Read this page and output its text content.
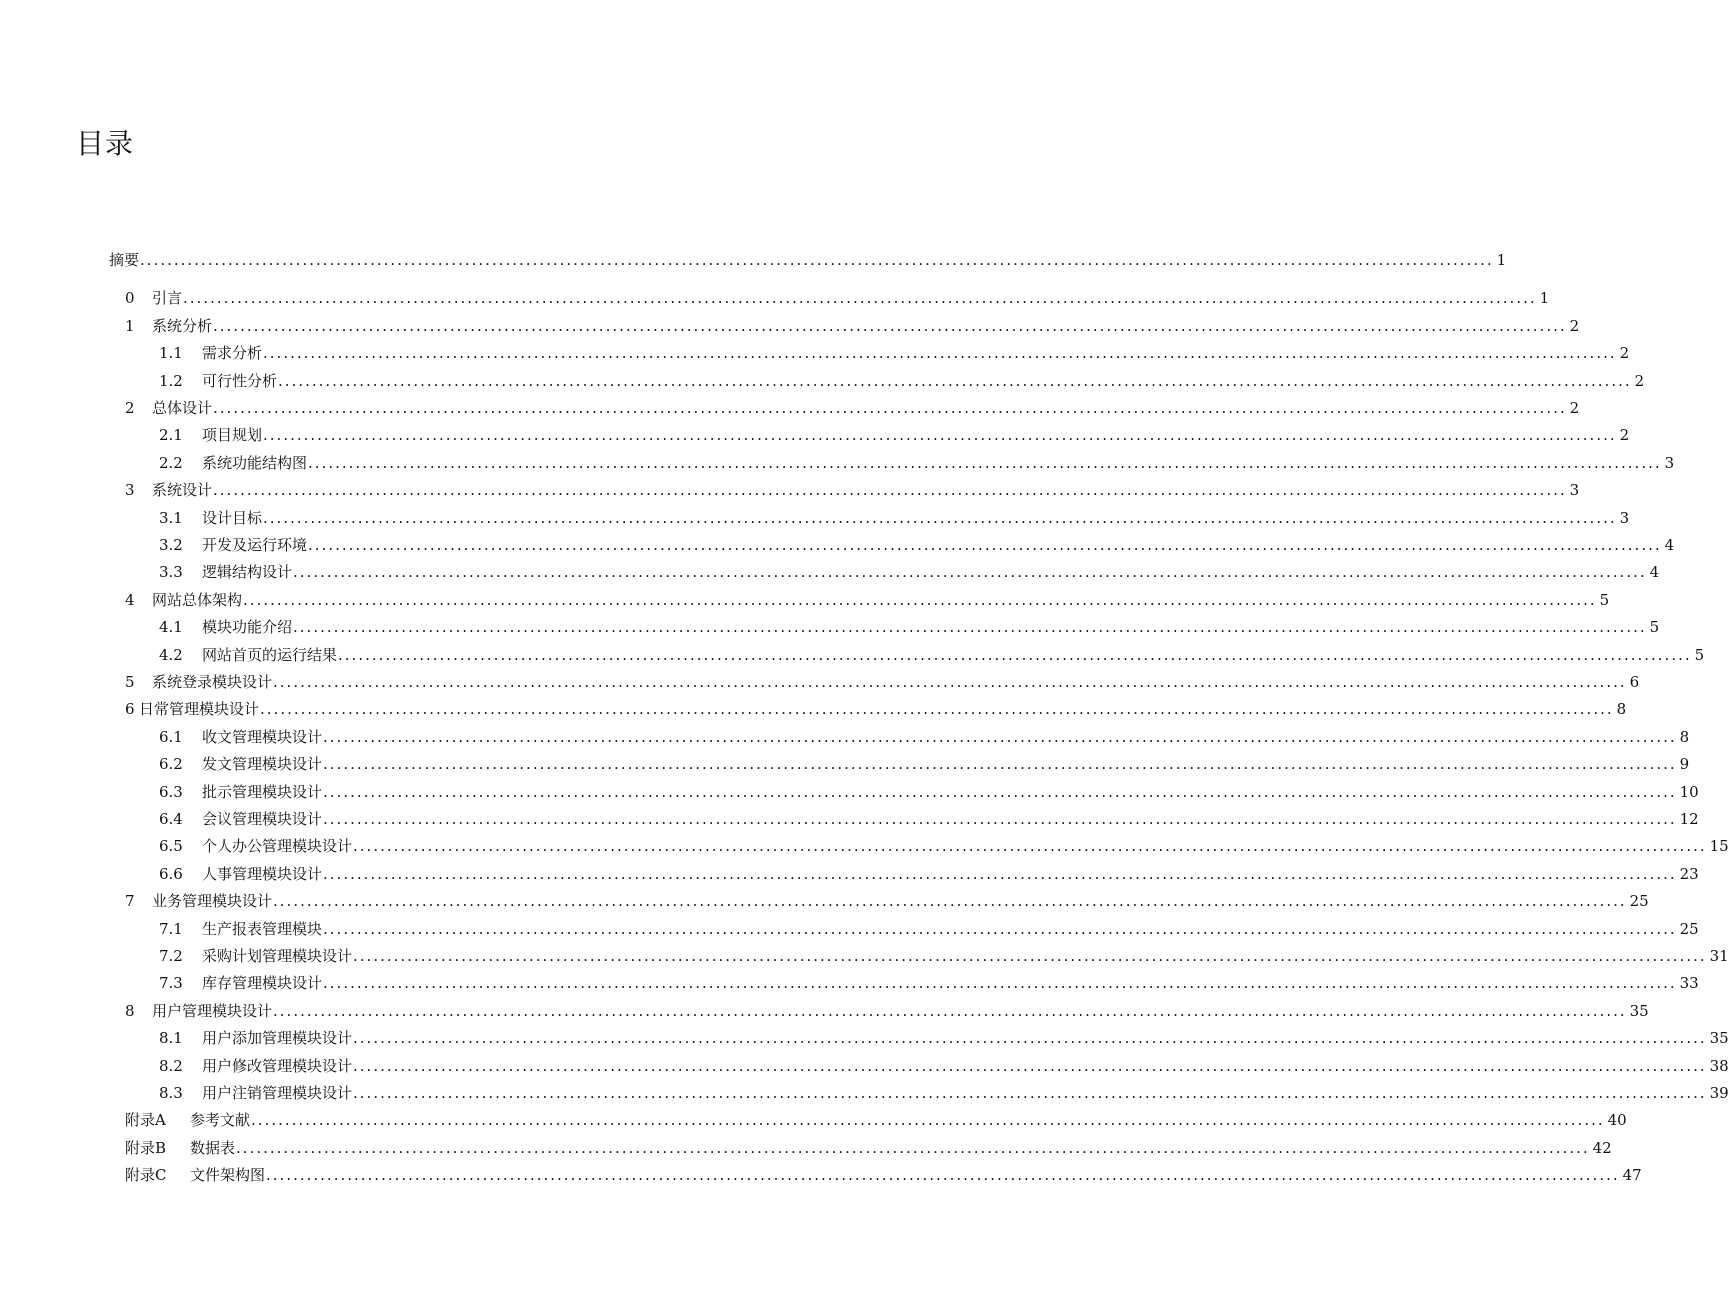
目录
摘要 ........................................................................................................................................................................................................ 1
0	引言 ........................................................................................................................................................................................................ 1
1	系统分析 ........................................................................................................................................................................................................ 2
1.1	需求分析 ........................................................................................................................................................................................................ 2
1.2	可行性分析 ........................................................................................................................................................................................................ 2
2	总体设计 ........................................................................................................................................................................................................ 2
2.1	项目规划 ........................................................................................................................................................................................................ 2
2.2	系统功能结构图 ........................................................................................................................................................................................................ 3
3	系统设计 ........................................................................................................................................................................................................ 3
3.1	设计目标 ........................................................................................................................................................................................................ 3
3.2	开发及运行环境 ........................................................................................................................................................................................................ 4
3.3	逻辑结构设计 ........................................................................................................................................................................................................ 4
4	网站总体架构 ........................................................................................................................................................................................................ 5
4.1	模块功能介绍 ........................................................................................................................................................................................................ 5
4.2	网站首页的运行结果 ........................................................................................................................................................................................................ 5
5	系统登录模块设计 ........................................................................................................................................................................................................ 6
6 日常管理模块设计 ........................................................................................................................................................................................................ 8
6.1	收文管理模块设计 ........................................................................................................................................................................................................ 8
6.2	发文管理模块设计 ........................................................................................................................................................................................................ 9
6.3	批示管理模块设计 ........................................................................................................................................................................................................ 10
6.4	会议管理模块设计 ........................................................................................................................................................................................................ 12
6.5	个人办公管理模块设计 ........................................................................................................................................................................................................ 15
6.6	人事管理模块设计 ........................................................................................................................................................................................................ 23
7	业务管理模块设计 ........................................................................................................................................................................................................ 25
7.1	生产报表管理模块 ........................................................................................................................................................................................................ 25
7.2	采购计划管理模块设计 ........................................................................................................................................................................................................ 31
7.3	库存管理模块设计 ........................................................................................................................................................................................................ 33
8	用户管理模块设计 ........................................................................................................................................................................................................ 35
8.1	用户添加管理模块设计 ........................................................................................................................................................................................................ 35
8.2	用户修改管理模块设计 ........................................................................................................................................................................................................ 38
8.3	用户注销管理模块设计 ........................................................................................................................................................................................................ 39
附录A	参考文献 ........................................................................................................................................................................................................ 40
附录B	数据表 ........................................................................................................................................................................................................ 42
附录C	文件架构图 ........................................................................................................................................................................................................ 47
